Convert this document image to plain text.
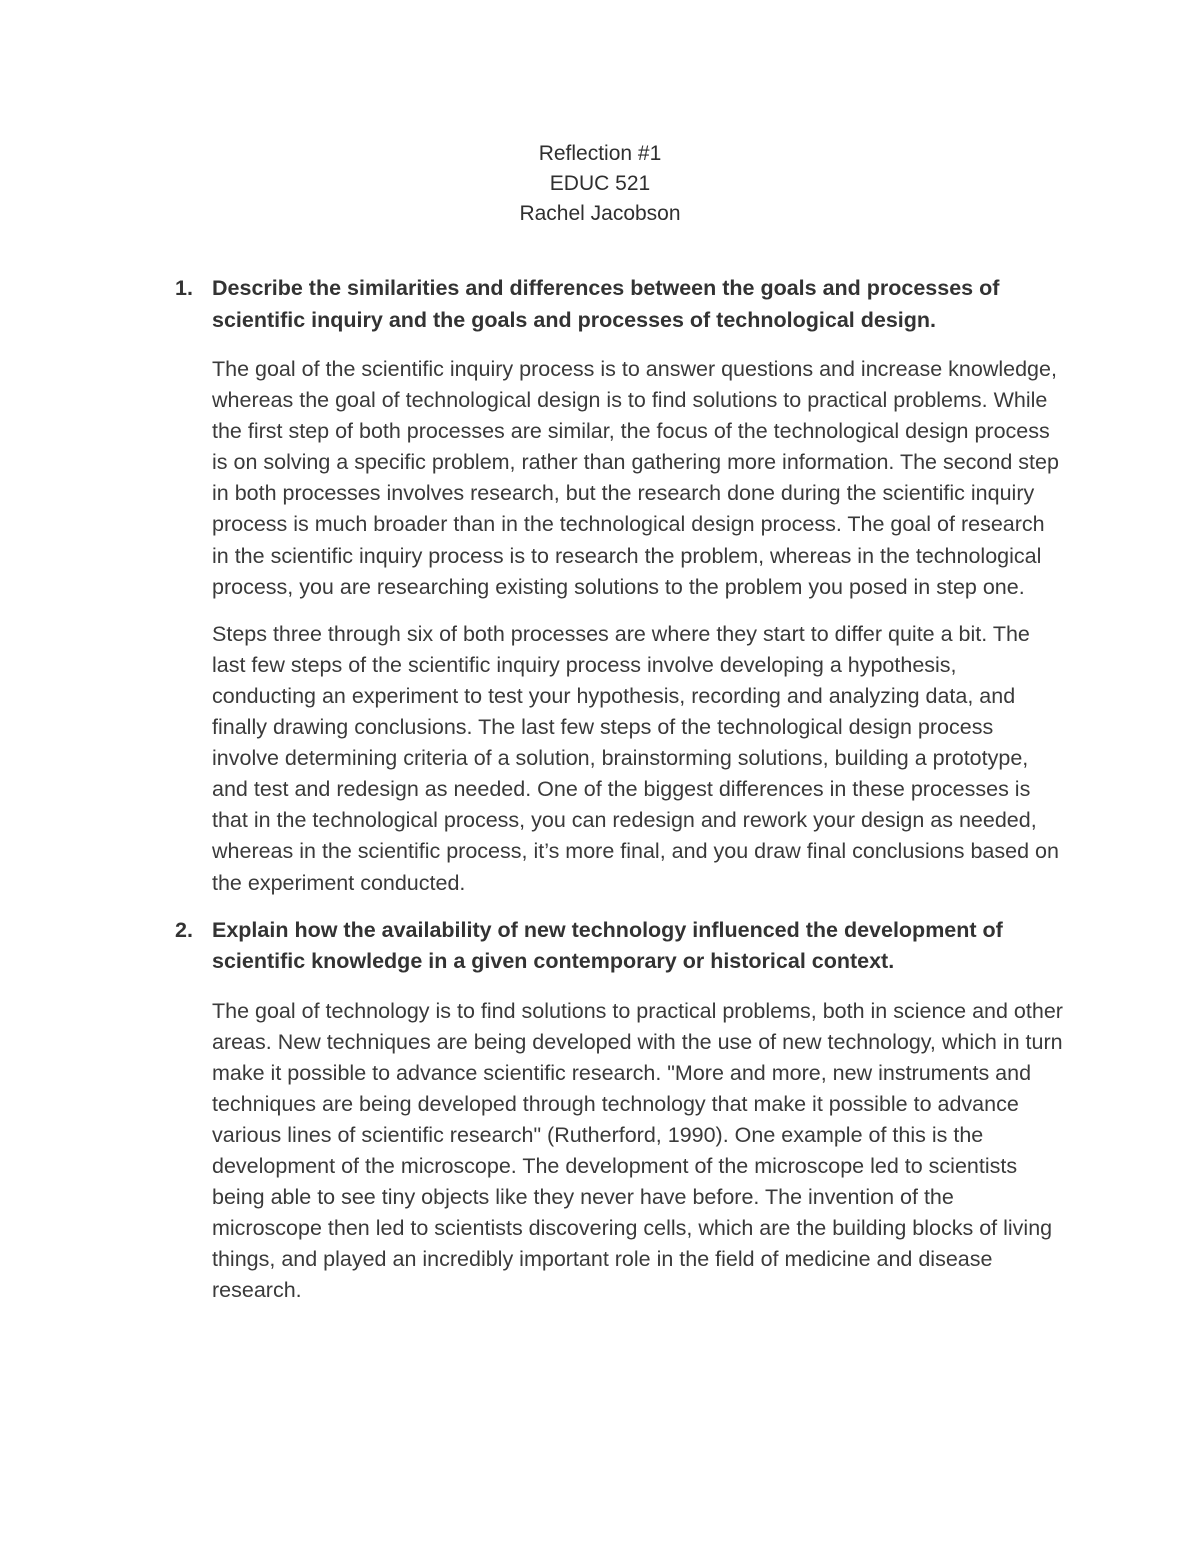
Reflection #1
EDUC 521
Rachel Jacobson
1. Describe the similarities and differences between the goals and processes of scientific inquiry and the goals and processes of technological design.

The goal of the scientific inquiry process is to answer questions and increase knowledge, whereas the goal of technological design is to find solutions to practical problems. While the first step of both processes are similar, the focus of the technological design process is on solving a specific problem, rather than gathering more information. The second step in both processes involves research, but the research done during the scientific inquiry process is much broader than in the technological design process. The goal of research in the scientific inquiry process is to research the problem, whereas in the technological process, you are researching existing solutions to the problem you posed in step one.

Steps three through six of both processes are where they start to differ quite a bit. The last few steps of the scientific inquiry process involve developing a hypothesis, conducting an experiment to test your hypothesis, recording and analyzing data, and finally drawing conclusions. The last few steps of the technological design process involve determining criteria of a solution, brainstorming solutions, building a prototype, and test and redesign as needed. One of the biggest differences in these processes is that in the technological process, you can redesign and rework your design as needed, whereas in the scientific process, it’s more final, and you draw final conclusions based on the experiment conducted.

2. Explain how the availability of new technology influenced the development of scientific knowledge in a given contemporary or historical context.

The goal of technology is to find solutions to practical problems, both in science and other areas. New techniques are being developed with the use of new technology, which in turn make it possible to advance scientific research. "More and more, new instruments and techniques are being developed through technology that make it possible to advance various lines of scientific research" (Rutherford, 1990). One example of this is the development of the microscope. The development of the microscope led to scientists being able to see tiny objects like they never have before. The invention of the microscope then led to scientists discovering cells, which are the building blocks of living things, and played an incredibly important role in the field of medicine and disease research.
